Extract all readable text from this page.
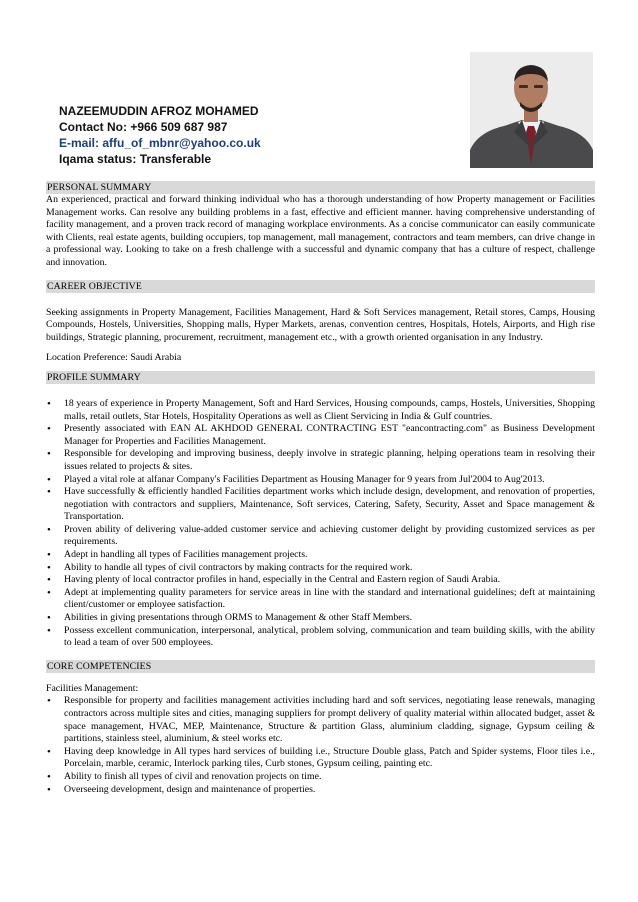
NAZEEMUDDIN AFROZ MOHAMED
Contact No: +966 509 687 987
E-mail: affu_of_mbnr@yahoo.co.uk
Iqama status: Transferable
PERSONAL SUMMARY

An experienced, practical and forward thinking individual who has a thorough understanding of how Property management or Facilities Management works. Can resolve any building problems in a fast, effective and efficient manner. having comprehensive understanding of facility management, and a proven track record of managing workplace environments. As a concise communicator can easily communicate with Clients, real estate agents, building occupiers, top management, mall management, contractors and team members, can drive change in a professional way. Looking to take on a fresh challenge with a successful and dynamic company that has a culture of respect, challenge and innovation.

CAREER OBJECTIVE

Seeking assignments in Property Management, Facilities Management, Hard & Soft Services management, Retail stores, Camps, Housing Compounds, Hostels, Universities, Shopping malls, Hyper Markets, arenas, convention centres, Hospitals, Hotels, Airports, and High rise buildings, Strategic planning, procurement, recruitment, management etc., with a growth oriented organisation in any Industry.

Location Preference: Saudi Arabia

PROFILE SUMMARY
• 18 years of experience in Property Management, Soft and Hard Services, Housing compounds, camps, Hostels, Universities, Shopping malls, retail outlets, Star Hotels, Hospitality Operations as well as Client Servicing in India & Gulf countries.
• Presently associated with EAN AL AKHDOD GENERAL CONTRACTING EST "eancontracting.com" as Business Development Manager for Properties and Facilities Management.
• Responsible for developing and improving business, deeply involve in strategic planning, helping operations team in resolving their issues related to projects & sites.
• Played a vital role at alfanar Company's Facilities Department as Housing Manager for 9 years from Jul'2004 to Aug'2013.
• Have successfully & efficiently handled Facilities department works which include design, development, and renovation of properties, negotiation with contractors and suppliers, Maintenance, Soft services, Catering, Safety, Security, Asset and Space management & Transportation.
• Proven ability of delivering value-added customer service and achieving customer delight by providing customized services as per requirements.
• Adept in handling all types of Facilities management projects.
• Ability to handle all types of civil contractors by making contracts for the required work.
• Having plenty of local contractor profiles in hand, especially in the Central and Eastern region of Saudi Arabia.
• Adept at implementing quality parameters for service areas in line with the standard and international guidelines; deft at maintaining client/customer or employee satisfaction.
• Abilities in giving presentations through ORMS to Management & other Staff Members.
• Possess excellent communication, interpersonal, analytical, problem solving, communication and team building skills, with the ability to lead a team of over 500 employees.
CORE COMPETENCIES

Facilities Management:

• Responsible for property and facilities management activities including hard and soft services, negotiating lease renewals, managing contractors across multiple sites and cities, managing suppliers for prompt delivery of quality material within allocated budget, asset & space management, HVAC, MEP, Maintenance, Structure & partition Glass, aluminium cladding, signage, Gypsum ceiling & partitions, stainless steel, aluminium, & steel works etc.
• Having deep knowledge in All types hard services of building i.e., Structure Double glass, Patch and Spider systems, Floor tiles i.e., Porcelain, marble, ceramic, Interlock parking tiles, Curb stones, Gypsum ceiling, painting etc.
• Ability to finish all types of civil and renovation projects on time.
• Overseeing development, design and maintenance of properties.
